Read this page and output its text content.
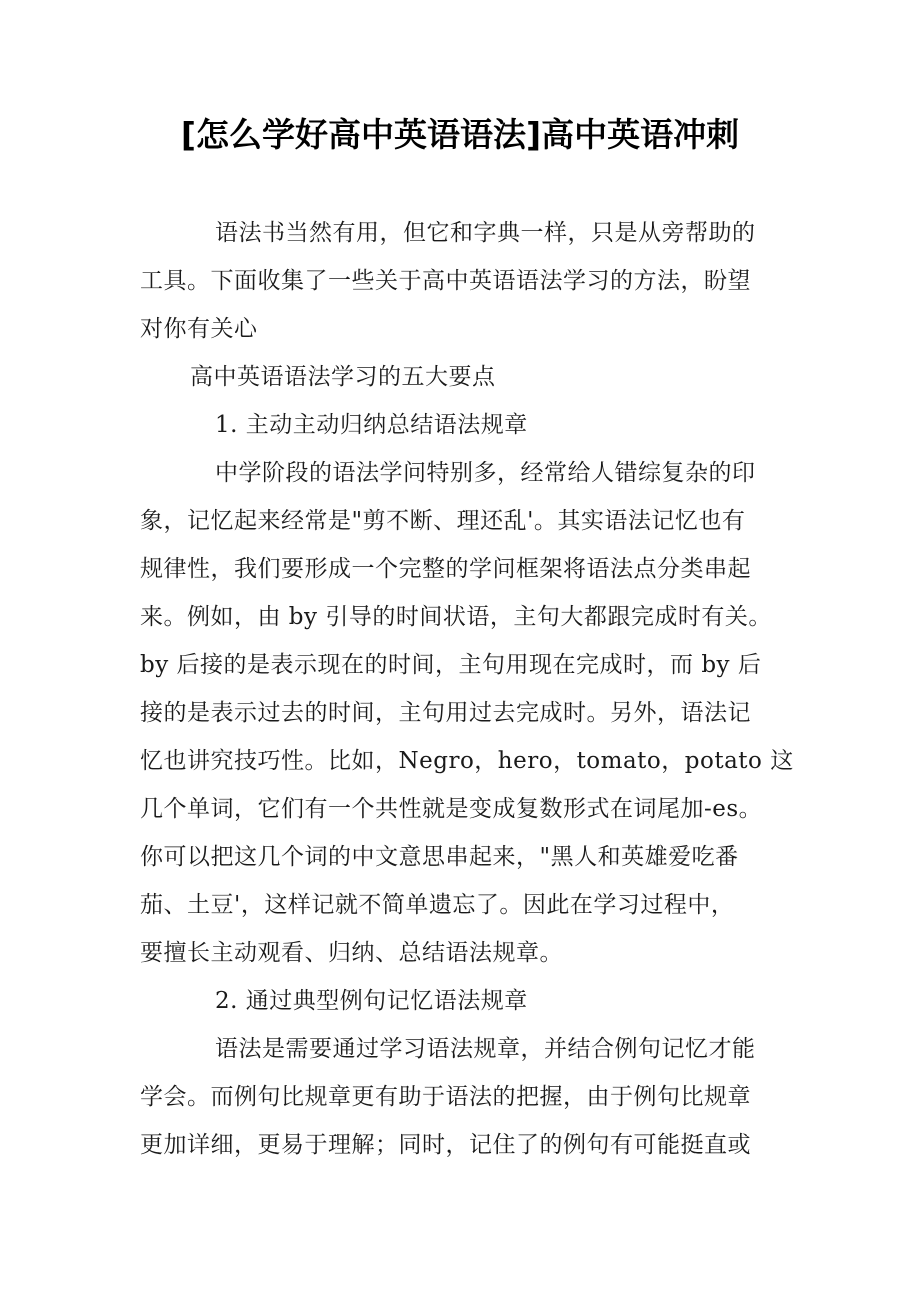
[怎么学好高中英语语法]高中英语冲刺
语法书当然有用，但它和字典一样，只是从旁帮助的
工具。下面收集了一些关于高中英语语法学习的方法，盼望
对你有关心
高中英语语法学习的五大要点
1. 主动主动归纳总结语法规章
中学阶段的语法学问特别多，经常给人错综复杂的印
象，记忆起来经常是"剪不断、理还乱'。其实语法记忆也有
规律性，我们要形成一个完整的学问框架将语法点分类串起
来。例如，由 by 引导的时间状语，主句大都跟完成时有关。
by 后接的是表示现在的时间，主句用现在完成时，而 by 后
接的是表示过去的时间，主句用过去完成时。另外，语法记
忆也讲究技巧性。比如，Negro，hero，tomato，potato 这
几个单词，它们有一个共性就是变成复数形式在词尾加-es。
你可以把这几个词的中文意思串起来，"黑人和英雄爱吃番
茄、土豆'，这样记就不简单遗忘了。因此在学习过程中，
要擅长主动观看、归纳、总结语法规章。
2. 通过典型例句记忆语法规章
语法是需要通过学习语法规章，并结合例句记忆才能
学会。而例句比规章更有助于语法的把握，由于例句比规章
更加详细，更易于理解；同时，记住了的例句有可能挺直或
